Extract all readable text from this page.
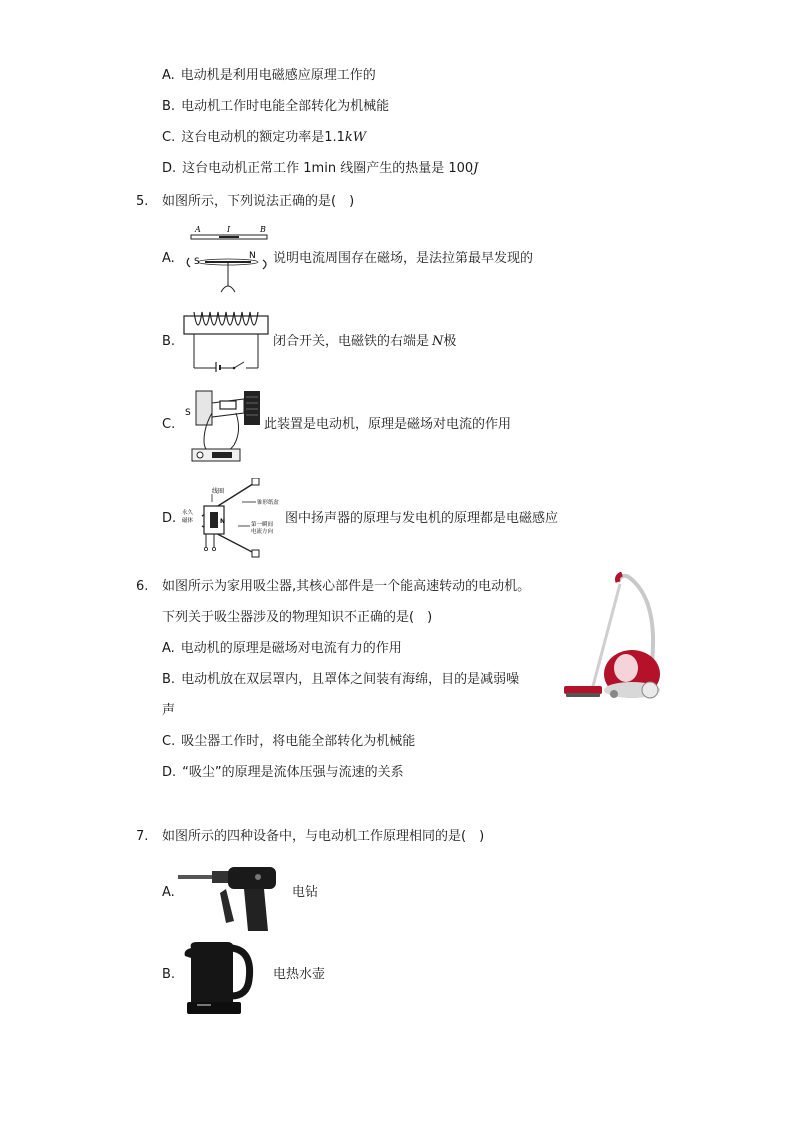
A. 电动机是利用电磁感应原理工作的
B. 电动机工作时电能全部转化为机械能
C. 这台电动机的额定功率是1.1kW
D. 这台电动机正常工作 1min 线圈产生的热量是 100J
5. 如图所示，下列说法正确的是(　)
A.
A	I	B
S
N 说明电流周围存在磁场，是法拉第最早发现的
B.	闭合开关，电磁铁的右端是 N极
C.
S
此装置是电动机，原理是磁场对电流的作用
D.	N
线圈
锥形纸盆
永久
磁体
第一瞬间
电流方向
图中扬声器的原理与发电机的原理都是电磁感应
6. 如图所示为家用吸尘器,其核心部件是一个能高速转动的电动机。
下列关于吸尘器涉及的物理知识不正确的是(　)
A. 电动机的原理是磁场对电流有力的作用
B. 电动机放在双层罩内，且罩体之间装有海绵，目的是减弱噪
声
C. 吸尘器工作时，将电能全部转化为机械能
D. “吸尘”的原理是流体压强与流速的关系
7. 如图所示的四种设备中，与电动机工作原理相同的是(　)
A.	电钻
B.	电热水壶
